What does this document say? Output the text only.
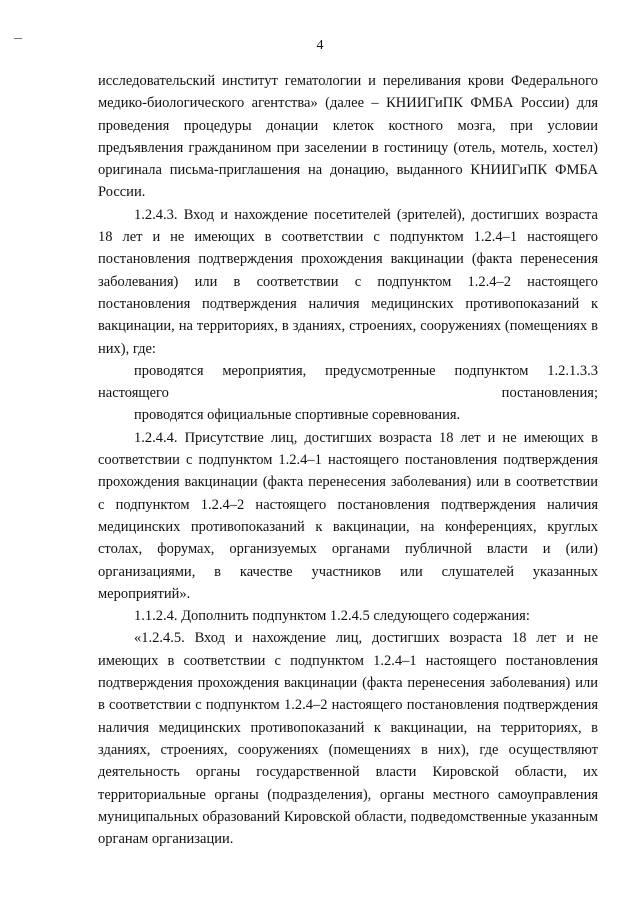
4

исследовательский институт гематологии и переливания крови Федерального медико-биологического агентства» (далее – КНИИГиПК ФМБА России) для проведения процедуры донации клеток костного мозга, при условии предъявления гражданином при заселении в гостиницу (отель, мотель, хостел) оригинала письма-приглашения на донацию, выданного КНИИГиПК ФМБА России.

1.2.4.3. Вход и нахождение посетителей (зрителей), достигших возраста 18 лет и не имеющих в соответствии с подпунктом 1.2.4–1 настоящего постановления подтверждения прохождения вакцинации (факта перенесения заболевания) или в соответствии с подпунктом 1.2.4–2 настоящего постановления подтверждения наличия медицинских противопоказаний к вакцинации, на территориях, в зданиях, строениях, сооружениях (помещениях в них), где:

проводятся мероприятия, предусмотренные подпунктом 1.2.1.3.3 настоящего постановления;

проводятся официальные спортивные соревнования.

1.2.4.4. Присутствие лиц, достигших возраста 18 лет и не имеющих в соответствии с подпунктом 1.2.4–1 настоящего постановления подтверждения прохождения вакцинации (факта перенесения заболевания) или в соответствии с подпунктом 1.2.4–2 настоящего постановления подтверждения наличия медицинских противопоказаний к вакцинации, на конференциях, круглых столах, форумах, организуемых органами публичной власти и (или) организациями, в качестве участников или слушателей указанных мероприятий».

1.1.2.4. Дополнить подпунктом 1.2.4.5 следующего содержания:

«1.2.4.5. Вход и нахождение лиц, достигших возраста 18 лет и не имеющих в соответствии с подпунктом 1.2.4–1 настоящего постановления подтверждения прохождения вакцинации (факта перенесения заболевания) или в соответствии с подпунктом 1.2.4–2 настоящего постановления подтверждения наличия медицинских противопоказаний к вакцинации, на территориях, в зданиях, строениях, сооружениях (помещениях в них), где осуществляют деятельность органы государственной власти Кировской области, их территориальные органы (подразделения), органы местного самоуправления муниципальных образований Кировской области, подведомственные указанным органам организации.
